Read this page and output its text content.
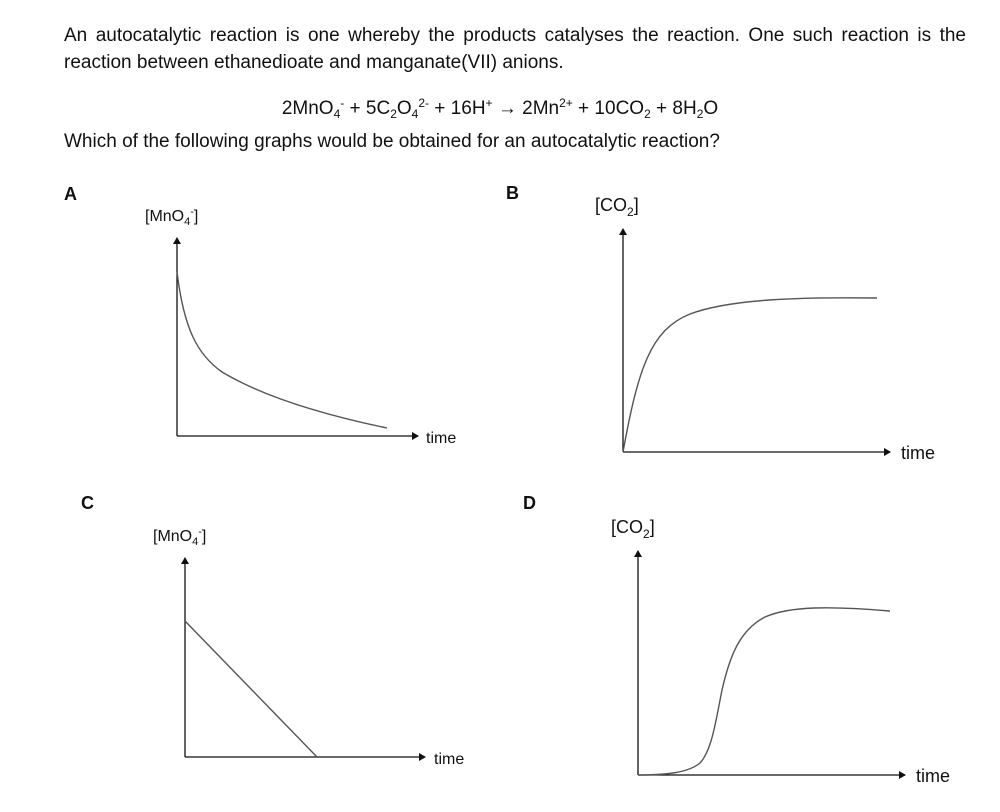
An autocatalytic reaction is one whereby the products catalyses the reaction. One such reaction is the reaction between ethanedioate and manganate(VII) anions.

$2MnO_4^- + 5C_2O_4^{2-} + 16H^+ \to 2Mn^{2+} + 10CO_2 + 8H_2O$

Which of the following graphs would be obtained for an autocatalytic reaction?

A
[MnO$_4$-]
time
B
$[CO_2]$
time
C
[MnO$_4$-]
time
D
$[CO_2]$
time
